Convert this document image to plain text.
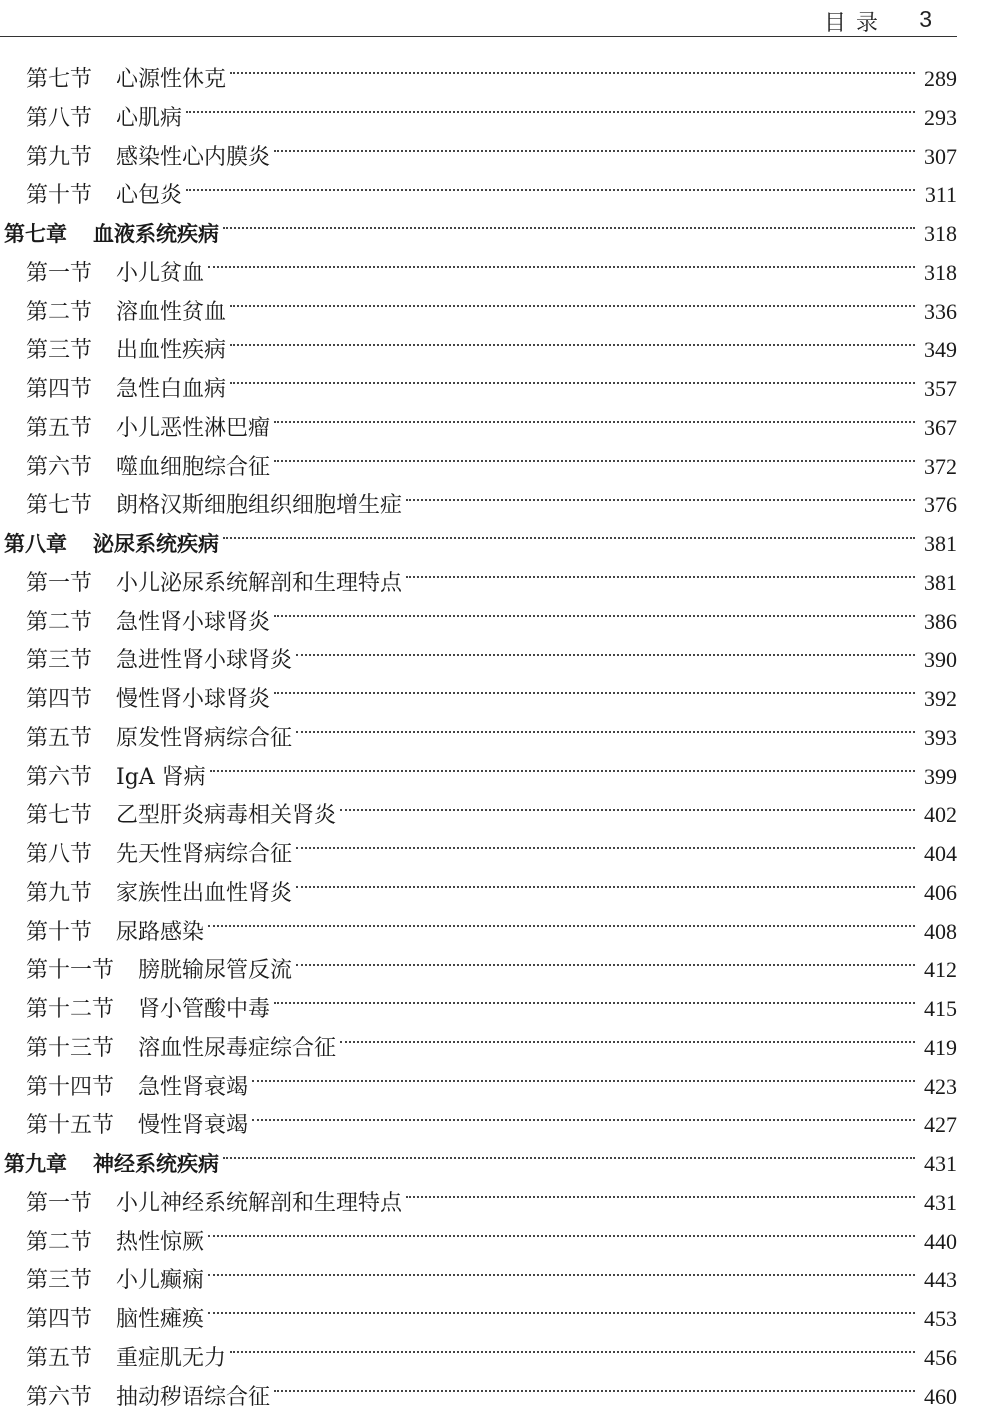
目录 3
第七节 心源性休克	289
第八节 心肌病	293
第九节 感染性心内膜炎	307
第十节 心包炎	311
第七章 血液系统疾病	318
第一节 小儿贫血	318
第二节 溶血性贫血	336
第三节 出血性疾病	349
第四节 急性白血病	357
第五节 小儿恶性淋巴瘤	367
第六节 噬血细胞综合征	372
第七节 朗格汉斯细胞组织细胞增生症	376
第八章 泌尿系统疾病	381
第一节 小儿泌尿系统解剖和生理特点	381
第二节 急性肾小球肾炎	386
第三节 急进性肾小球肾炎	390
第四节 慢性肾小球肾炎	392
第五节 原发性肾病综合征	393
第六节 IgA 肾病	399
第七节 乙型肝炎病毒相关肾炎	402
第八节 先天性肾病综合征	404
第九节 家族性出血性肾炎	406
第十节 尿路感染	408
第十一节 膀胱输尿管反流	412
第十二节 肾小管酸中毒	415
第十三节 溶血性尿毒症综合征	419
第十四节 急性肾衰竭	423
第十五节 慢性肾衰竭	427
第九章 神经系统疾病	431
第一节 小儿神经系统解剖和生理特点	431
第二节 热性惊厥	440
第三节 小儿癫痫	443
第四节 脑性瘫痪	453
第五节 重症肌无力	456
第六节 抽动秽语综合征	460
